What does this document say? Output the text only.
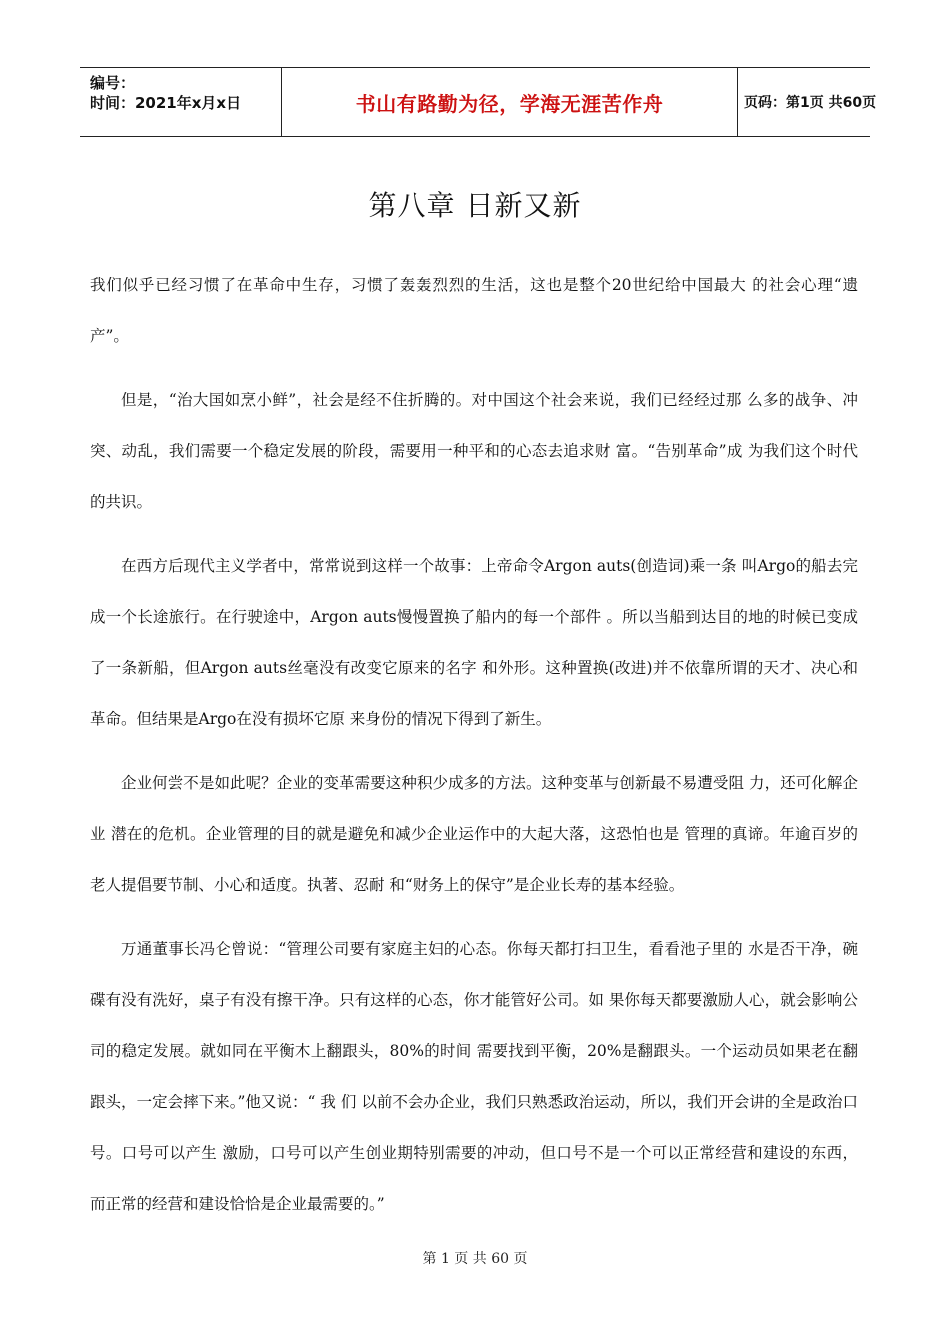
编号：
时间：2021年x月x日	书山有路勤为径，学海无涯苦作舟	页码：第1页 共60页
第八章 日新又新

我们似乎已经习惯了在革命中生存，习惯了轰轰烈烈的生活，这也是整个20世纪给中国最大 的社会心理“遗产”。

但是，“治大国如烹小鲜”，社会是经不住折腾的。对中国这个社会来说，我们已经经过那 么多的战争、冲突、动乱，我们需要一个稳定发展的阶段，需要用一种平和的心态去追求财 富。“告别革命”成 为我们这个时代的共识。

在西方后现代主义学者中，常常说到这样一个故事：上帝命令Argon auts(创造词)乘一条 叫Argo的船去完成一个长途旅行。在行驶途中，Argon auts慢慢置换了船内的每一个部件 。所以当船到达目的地的时候已变成了一条新船，但Argon auts丝毫没有改变它原来的名字 和外形。这种置换(改进)并不依靠所谓的天才、决心和革命。但结果是Argo在没有损坏它原 来身份的情况下得到了新生。

企业何尝不是如此呢？企业的变革需要这种积少成多的方法。这种变革与创新最不易遭受阻 力，还可化解企业 潜在的危机。企业管理的目的就是避免和减少企业运作中的大起大落，这恐怕也是 管理的真谛。年逾百岁的老人提倡要节制、小心和适度。执著、忍耐 和“财务上的保守”是企业长寿的基本经验。

万通董事长冯仑曾说：“管理公司要有家庭主妇的心态。你每天都打扫卫生，看看池子里的 水是否干净，碗碟有没有洗好，桌子有没有擦干净。只有这样的心态，你才能管好公司。如 果你每天都要激励人心，就会影响公司的稳定发展。就如同在平衡木上翻跟头，80%的时间 需要找到平衡，20%是翻跟头。一个运动员如果老在翻跟头，一定会摔下来。”他又说：“ 我 们 以前不会办企业，我们只熟悉政治运动，所以，我们开会讲的全是政治口号。口号可以产生 激励，口号可以产生创业期特别需要的冲动，但口号不是一个可以正常经营和建设的东西， 而正常的经营和建设恰恰是企业最需要的。”

第 1 页 共 60 页
